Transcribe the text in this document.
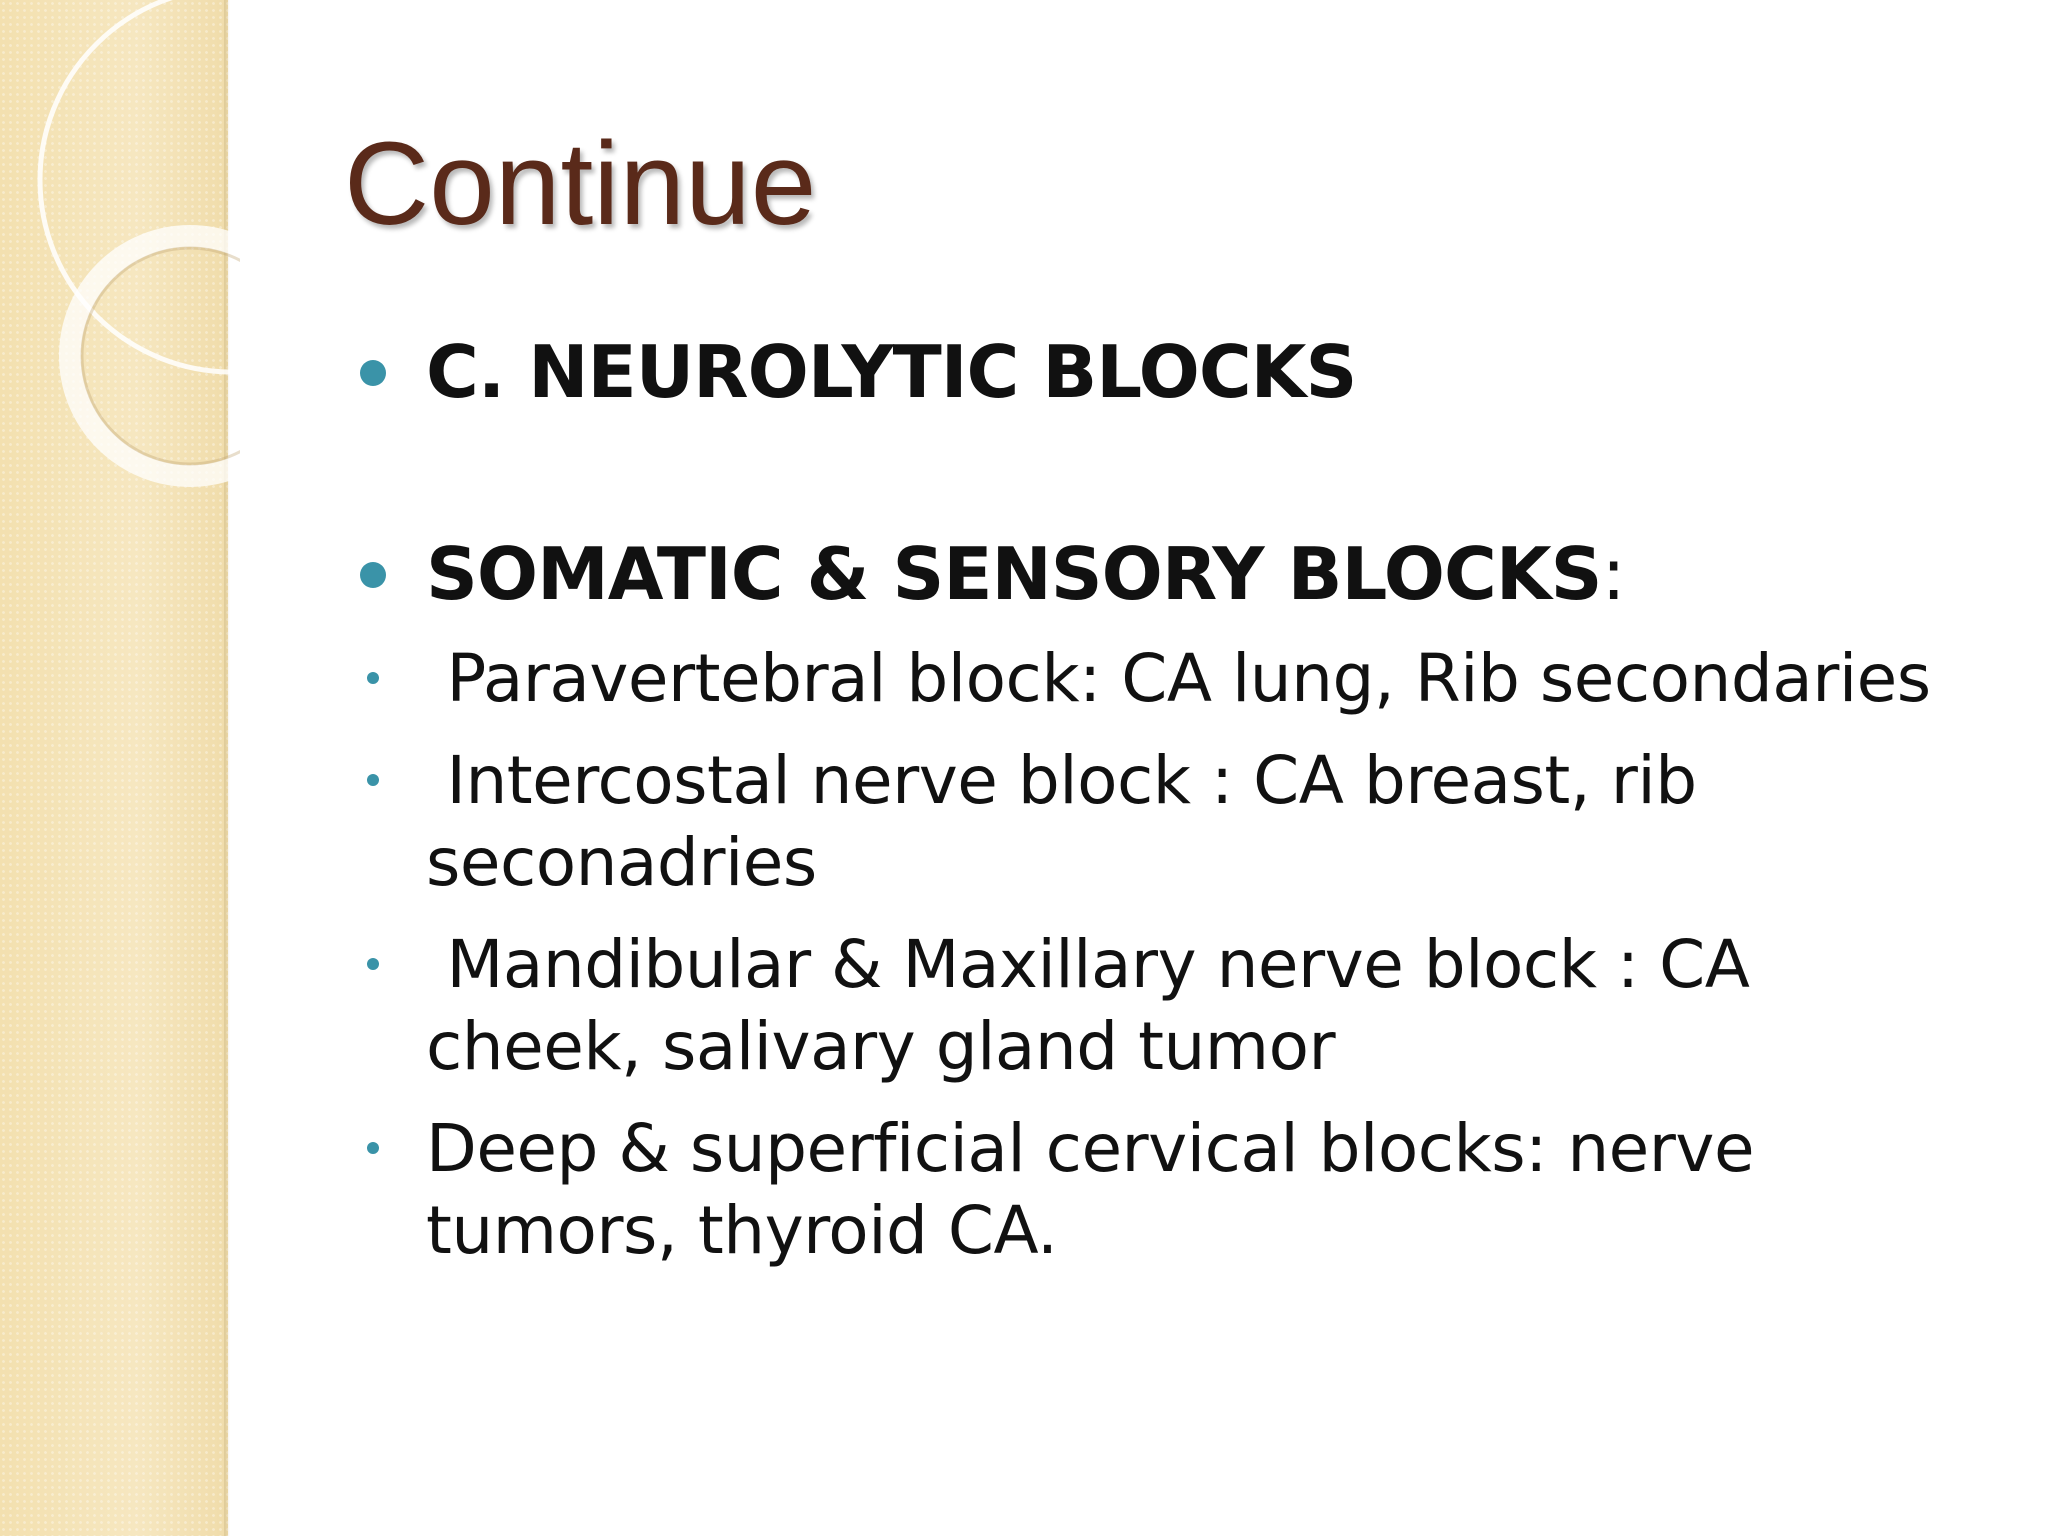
Continue
C. NEUROLYTIC BLOCKS
SOMATIC & SENSORY BLOCKS:
Paravertebral block: CA lung, Rib secondaries
Intercostal nerve block : CA breast, rib seconadries
Mandibular & Maxillary nerve block : CA cheek, salivary gland tumor
Deep & superficial cervical blocks: nerve tumors, thyroid CA.
